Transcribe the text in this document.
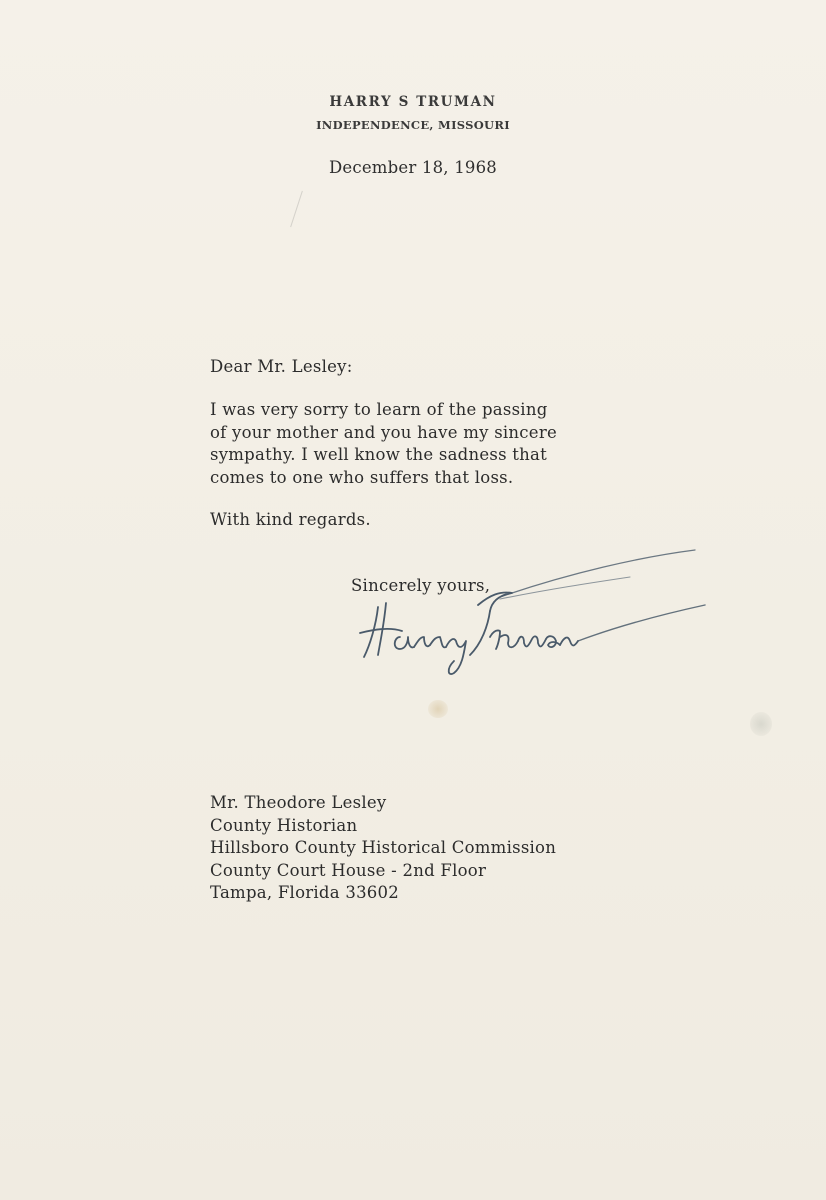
HARRY S TRUMAN
INDEPENDENCE, MISSOURI
December 18, 1968
Dear Mr. Lesley:
I was very sorry to learn of the passing
of your mother and you have my sincere
sympathy. I well know the sadness that
comes to one who suffers that loss.
With kind regards.
Sincerely yours,
Mr. Theodore Lesley
County Historian
Hillsboro County Historical Commission
County Court House - 2nd Floor
Tampa, Florida 33602
